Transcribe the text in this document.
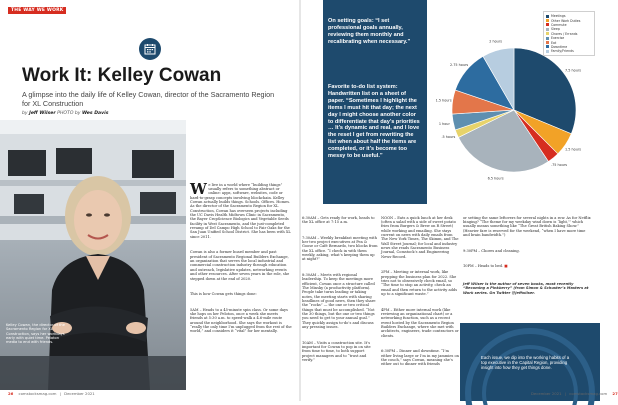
THE WAY WE WORK
Work It: Kelley Cowan
A glimpse into the daily life of Kelley Cowan, director of the Sacramento Region for XL Construction
by Jeff Wilser PHOTO by Wes Davis
Kelley Cowan, the director of the Sacramento Region for XL Construction, says her workdays early with quiet time. Pelaton media to end with friends.

We live in a world where “building things” usually refers to something abstract or online: apps, software, websites, code or hard-to-grasp concepts involving blockchain. Kelley Cowan actually builds things. Schools. Offices. Homes. As the director of the Sacramento Region for XL Construction, Cowan has overseen projects including the UC Davis Health Midtown Clinic in Sacramento, the Bayer CropScience Biologics and Vegetable Seeds facility in West Sacramento, and the just-completed revamp of Del Campo High School to Fair Oaks for the San Juan Unified School District. She has been with XL since 2011.

Cowan is also a former board member and past president of Sacramento Regional Builders Exchange, an organization that serves the local industrial and commercial construction industry through education and outreach, legislative updates, networking events and other resources. After seven years in the role, she stepped down at the end of 2020.

This is how Cowan gets things done:

5AM – Heads to a 45-minute spin class. Or some days she hops on her Peloton, once a week she meets friends at 5:30 a.m. to speed-walk a 4.6-mile route around the neighborhood. She says the workout is “really the only time I’m unplugged from the rest of the world,” and considers it “vital” for her mentally.

26 comstocksmag.com | December 2021
On setting goals: “I set professional goals annually, reviewing them monthly and recalibrating when necessary.”
Favorite to-do list system: Handwritten list on a sheet of paper. “Sometimes I highlight the items I must hit that day; the next day I might choose another color to differentiate that day’s priorities … It’s dynamic and real, and I love the reset I get from rewriting the list when about half the items are completed, or it’s become too messy to be useful.”
7.5 hours
1.5 hours
.75 hours
6.5 hours
.5 hours
1 hour
1.5 hours
2.75 hours
2 hours
Meetings
Other Work Duties
Commute
Sleep
Chores / Errands
Exercise
Eat
Downtime
Family/Friends

NOON – Eats a quick lunch at her desk (often a salad with a side of sweet potato fries from Burgers & Brew on R Street) while working and emailing. She stays current on news with daily emails from The New York Times, The Skimm, and The Wall Street Journal; for local and industry news she reads Sacramento Business Journal, Comstock’s and Engineering News-Record.

2PM – Meeting or internal work, like prepping the business plan for 2022. She tries not to obsessively check email, so “The time to stop an activity, check an email and then return to the activity adds up to a significant waste.”

4PM – Either more internal work (like reviewing an organizational chart) or a networking function, such as a recent event hosted by the Sacramento Region Builders Exchange, where she met with architects, engineers, trade contractors or clients.

6:30PM – Dinner and downtime. “I’m either living large or I’m in my jammies on the couch,” says Cowan, meaning she’s either out to dinner with friends

6:30AM – Gets ready for work, heads to the XL office at 7:15 a.m.

7:30AM – Weekly breakfast meeting with her two project executives at Pea & Goose or Café Bernardo, two blocks from the XL office. “I check in with them weekly, asking, what’s keeping them up at night?”

8:30AM – Meets with regional leadership. To keep the meetings more efficient, Cowan once a structure called The Minsky (a productivity platform). People take turns leading or taking notes, the meeting starts with sharing headlines of good news, then they share the “rocks” — the one or two critical things that must be accomplished. “Not the 30 things, but the one or two things you need to get to your annual goal.” They quickly assign to-do’s and discuss any pressing issues.

10AM – Visits a construction site. It’s important for Cowan to pop in on site from time to time, to both support project managers and to “trust and verify.”

or setting the same leftovers for several nights in a row. As for Netflix binging? “The theme for my weekday wind down is ‘light,’” which usually means something like “The Great British Baking Show.” (Heavier fare is reserved for the weekend, “when I have more time and brain bandwidth.”)

9:30PM – Chores and cleaning.

10PM – Heads to bed. ■

Jeff Wilser is the author of seven books, most recently “Becoming a Pinkberry” (from Simon & Schuster’s Masters at Work series. On Twitter @jeffwilser.
Each issue, we dip into the working habits of a top executive in the Capital Region, providing insight into how they get things done.
December 2021 | comstocksmag.com 27
